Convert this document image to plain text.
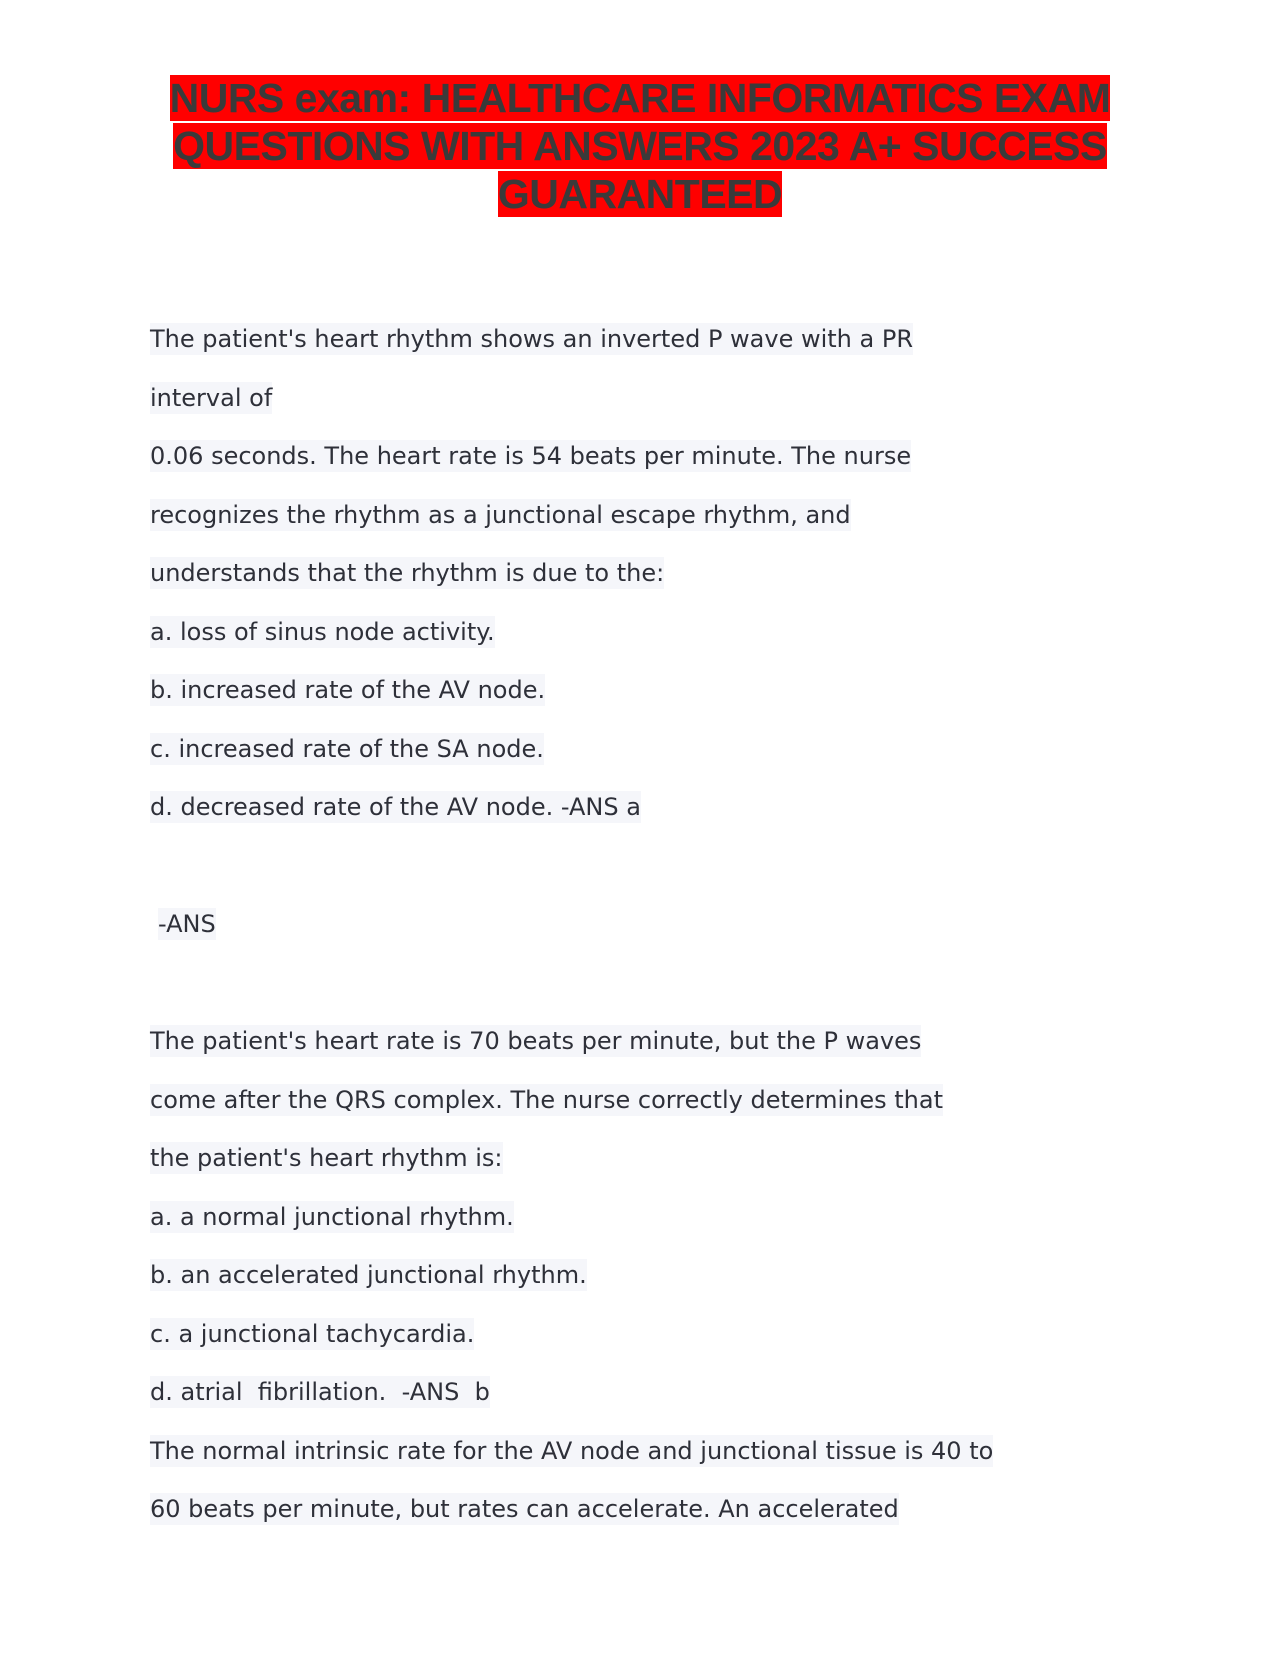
NURS exam: HEALTHCARE INFORMATICS EXAM
QUESTIONS WITH ANSWERS 2023 A+ SUCCESS
GUARANTEED
The patient's heart rhythm shows an inverted P wave with a PR
interval of
0.06 seconds. The heart rate is 54 beats per minute. The nurse
recognizes the rhythm as a junctional escape rhythm, and
understands that the rhythm is due to the:
a. loss of sinus node activity.
b. increased rate of the AV node.
c. increased rate of the SA node.
d. decreased rate of the AV node. -ANS a
-ANS
The patient's heart rate is 70 beats per minute, but the P waves
come after the QRS complex. The nurse correctly determines that
the patient's heart rhythm is:
a. a normal junctional rhythm.
b. an accelerated junctional rhythm.
c. a junctional tachycardia.
d. atrial  fibrillation.  -ANS  b
The normal intrinsic rate for the AV node and junctional tissue is 40 to
60 beats per minute, but rates can accelerate. An accelerated
